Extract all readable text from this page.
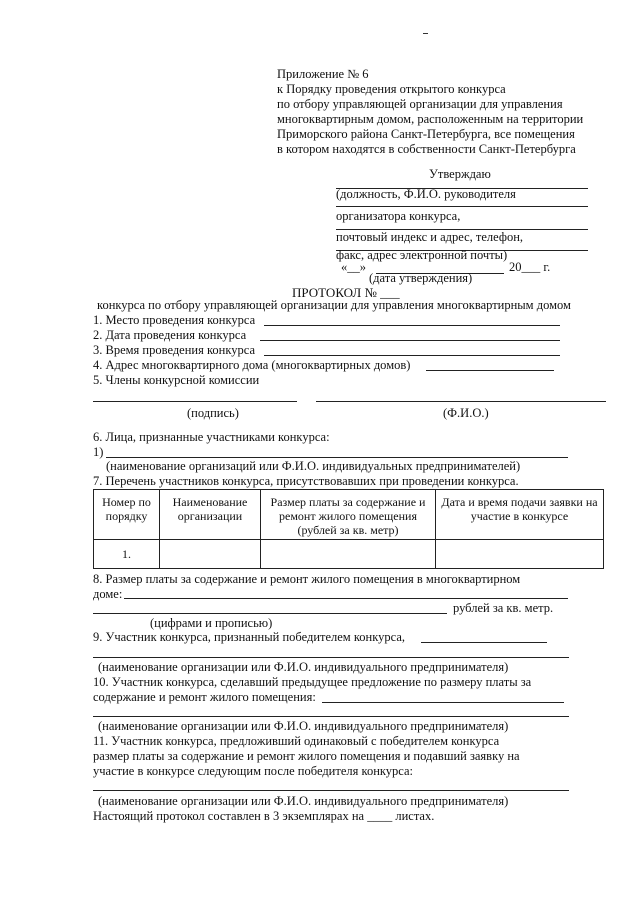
Приложение № 6
к Порядку проведения открытого конкурса
по отбору управляющей организации для управления
многоквартирным домом, расположенным на территории
Приморского района Санкт-Петербурга, все помещения
в котором находятся в собственности Санкт-Петербурга
Утверждаю
(должность, Ф.И.О. руководителя
организатора конкурса,
почтовый индекс и адрес, телефон,
факс, адрес электронной почты)
«__»	20___ г.
(дата утверждения)
ПРОТОКОЛ № ___
конкурса по отбору управляющей организации для управления многоквартирным домом
1. Место проведения конкурса
2. Дата проведения конкурса
3. Время проведения конкурса
4. Адрес многоквартирного дома (многоквартирных домов)
5. Члены конкурсной комиссии
(подпись)	(Ф.И.О.)
6. Лица, признанные участниками конкурса:
1)
(наименование организаций или Ф.И.О. индивидуальных предпринимателей)
7. Перечень участников конкурса, присутствовавших при проведении конкурса.
Номер по порядку	Наименование организации	Размер платы за содержание и ремонт жилого помещения (рублей за кв. метр)	Дата и время подачи заявки на участие в конкурсе
1.			
8. Размер платы за содержание и ремонт жилого помещения в многоквартирном
доме:
рублей за кв. метр.
(цифрами и прописью)
9. Участник конкурса, признанный победителем конкурса,
(наименование организации или Ф.И.О. индивидуального предпринимателя)
10. Участник конкурса, сделавший предыдущее предложение по размеру платы за
содержание и ремонт жилого помещения:
(наименование организации или Ф.И.О. индивидуального предпринимателя)
11. Участник конкурса, предложивший одинаковый с победителем конкурса
размер платы за содержание и ремонт жилого помещения и подавший заявку на
участие в конкурсе следующим после победителя конкурса:
(наименование организации или Ф.И.О. индивидуального предпринимателя)
Настоящий протокол составлен в 3 экземплярах на ____ листах.
